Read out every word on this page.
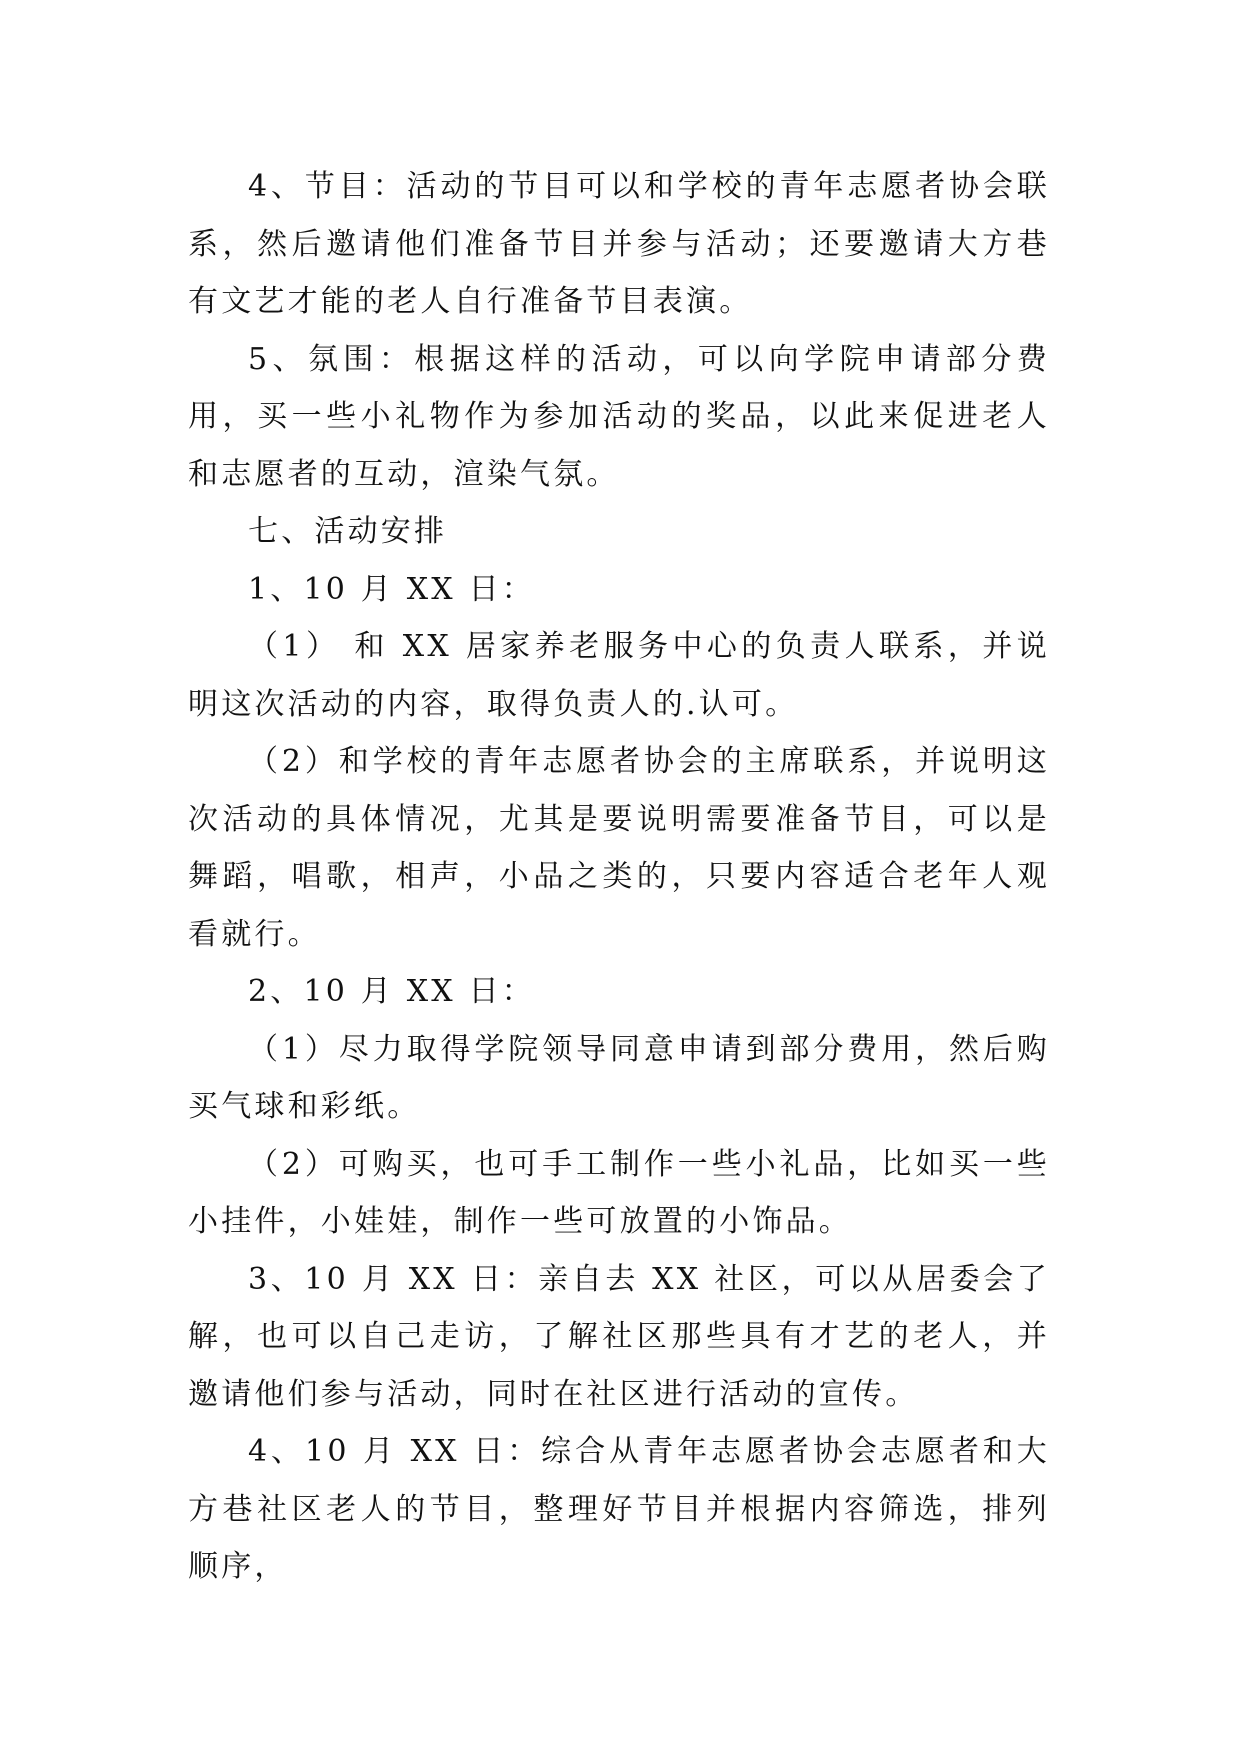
4、节目：活动的节目可以和学校的青年志愿者协会联系，然后邀请他们准备节目并参与活动；还要邀请大方巷有文艺才能的老人自行准备节目表演。

5、氛围：根据这样的活动，可以向学院申请部分费用，买一些小礼物作为参加活动的奖品，以此来促进老人和志愿者的互动，渲染气氛。

七、活动安排

1、10 月 XX 日：

（1） 和 XX 居家养老服务中心的负责人联系，并说明这次活动的内容，取得负责人的.认可。

（2）和学校的青年志愿者协会的主席联系，并说明这次活动的具体情况，尤其是要说明需要准备节目，可以是舞蹈，唱歌，相声，小品之类的，只要内容适合老年人观看就行。

2、10 月 XX 日：

（1）尽力取得学院领导同意申请到部分费用，然后购买气球和彩纸。

（2）可购买，也可手工制作一些小礼品，比如买一些小挂件，小娃娃，制作一些可放置的小饰品。

3、10 月 XX 日：亲自去 XX 社区，可以从居委会了解，也可以自己走访，了解社区那些具有才艺的老人，并邀请他们参与活动，同时在社区进行活动的宣传。

4、10 月 XX 日：综合从青年志愿者协会志愿者和大方巷社区老人的节目，整理好节目并根据内容筛选，排列顺序，
